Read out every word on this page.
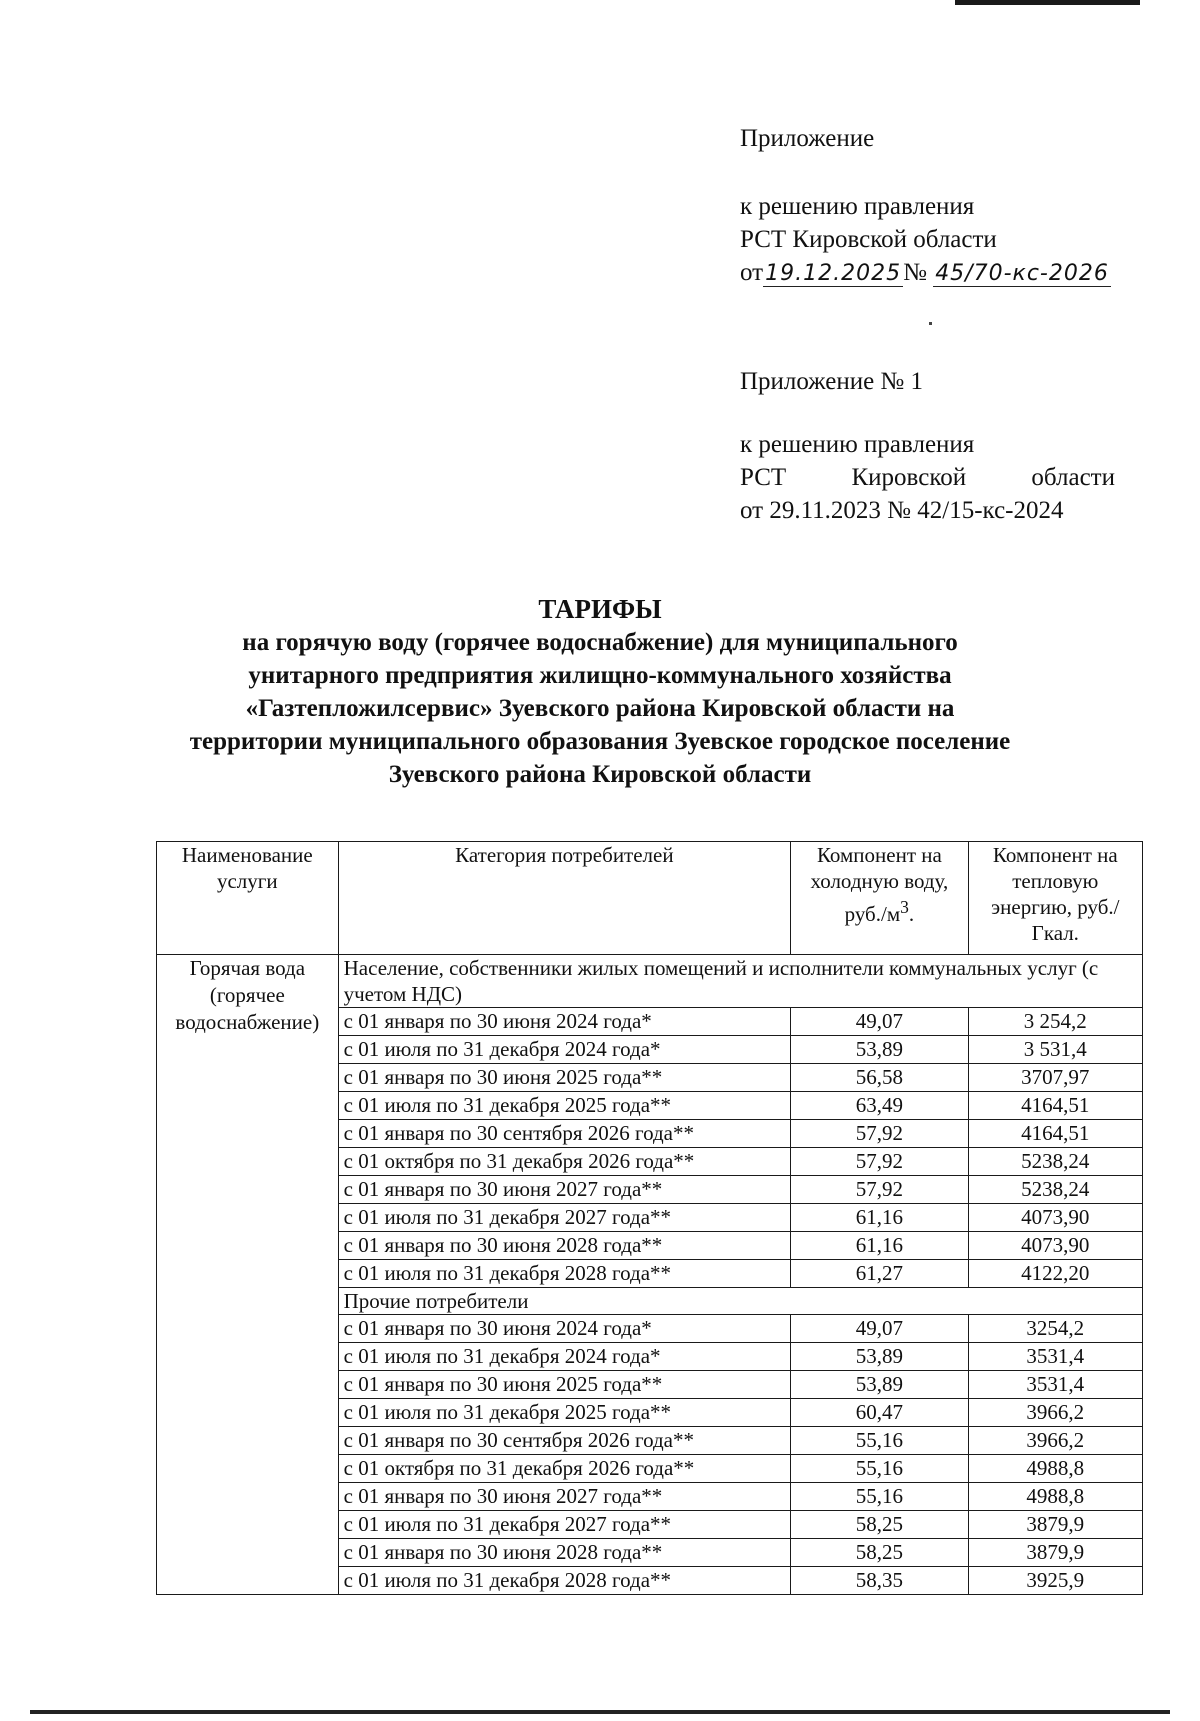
Приложение
к решению правления
РСТ Кировской области
от19.12.2025№ 45/70-кс-2026
Приложение № 1
к решению правления
РСТ Кировской области
от 29.11.2023 № 42/15-кс-2024
ТАРИФЫ
на горячую воду (горячее водоснабжение) для муниципального
унитарного предприятия жилищно-коммунального хозяйства
«Газтепложилсервис» Зуевского района Кировской области на
территории муниципального образования Зуевское городское поселение
Зуевского района Кировской области
Наименование услуги	Категория потребителей	Компонент на холодную воду, $руб./м^3$.	Компонент на тепловую энергию, руб./Гкал.
Горячая вода (горячее водоснабжение)	Население, собственники жилых помещений и исполнители коммунальных услуг (с учетом НДС)		
	с 01 января по 30 июня 2024 года*	49,07	3 254,2
	с 01 июля по 31 декабря 2024 года*	53,89	3 531,4
	с 01 января по 30 июня 2025 года**	56,58	3707,97
	с 01 июля по 31 декабря 2025 года**	63,49	4164,51
	с 01 января по 30 сентября 2026 года**	57,92	4164,51
	с 01 октября по 31 декабря 2026 года**	57,92	5238,24
	с 01 января по 30 июня 2027 года**	57,92	5238,24
	с 01 июля по 31 декабря 2027 года**	61,16	4073,90
	с 01 января по 30 июня 2028 года**	61,16	4073,90
	с 01 июля по 31 декабря 2028 года**	61,27	4122,20
	Прочие потребители		
	с 01 января по 30 июня 2024 года*	49,07	3254,2
	с 01 июля по 31 декабря 2024 года*	53,89	3531,4
	с 01 января по 30 июня 2025 года**	53,89	3531,4
	с 01 июля по 31 декабря 2025 года**	60,47	3966,2
	с 01 января по 30 сентября 2026 года**	55,16	3966,2
	с 01 октября по 31 декабря 2026 года**	55,16	4988,8
	с 01 января по 30 июня 2027 года**	55,16	4988,8
	с 01 июля по 31 декабря 2027 года**	58,25	3879,9
	с 01 января по 30 июня 2028 года**	58,25	3879,9
	с 01 июля по 31 декабря 2028 года**	58,35	3925,9
